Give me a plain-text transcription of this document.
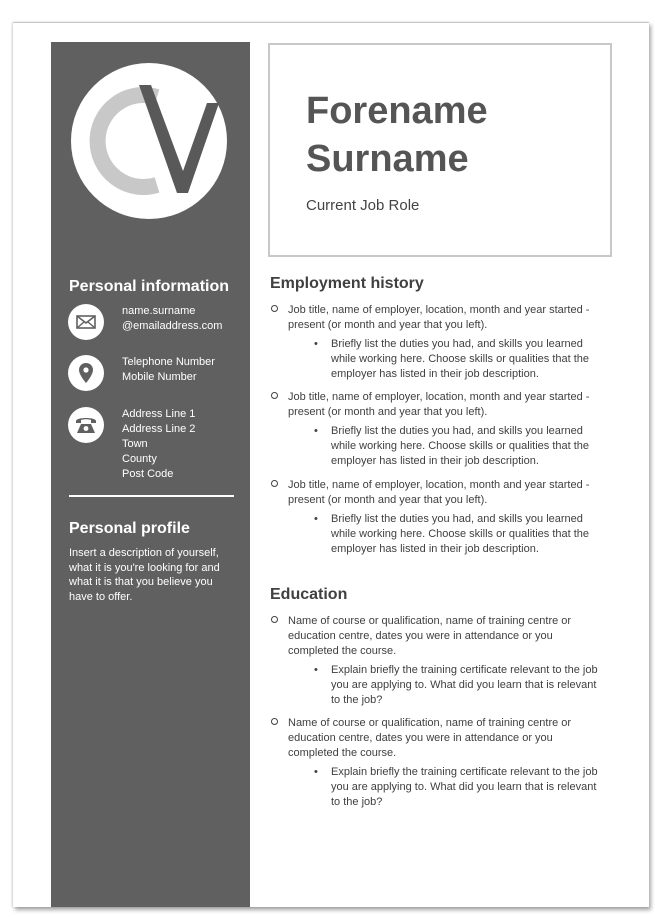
Personal information
name.surname
@emailaddress.com
Telephone Number
Mobile Number
Address Line 1
Address Line 2
Town
County
Post Code
Personal profile
Insert a description of yourself, what it is you're looking for and what it is that you believe you have to offer.
Forename
Surname
Current Job Role
Employment history
Job title, name of employer, location, month and year started - present (or month and year that you left).
• Briefly list the duties you had, and skills you learned while working here. Choose skills or qualities that the employer has listed in their job description.
Job title, name of employer, location, month and year started - present (or month and year that you left).
• Briefly list the duties you had, and skills you learned while working here. Choose skills or qualities that the employer has listed in their job description.
Job title, name of employer, location, month and year started - present (or month and year that you left).
• Briefly list the duties you had, and skills you learned while working here. Choose skills or qualities that the employer has listed in their job description.
Education
Name of course or qualification, name of training centre or education centre, dates you were in attendance or you completed the course.
• Explain briefly the training certificate relevant to the job you are applying to. What did you learn that is relevant to the job?
Name of course or qualification, name of training centre or education centre, dates you were in attendance or you completed the course.
• Explain briefly the training certificate relevant to the job you are applying to. What did you learn that is relevant to the job?
